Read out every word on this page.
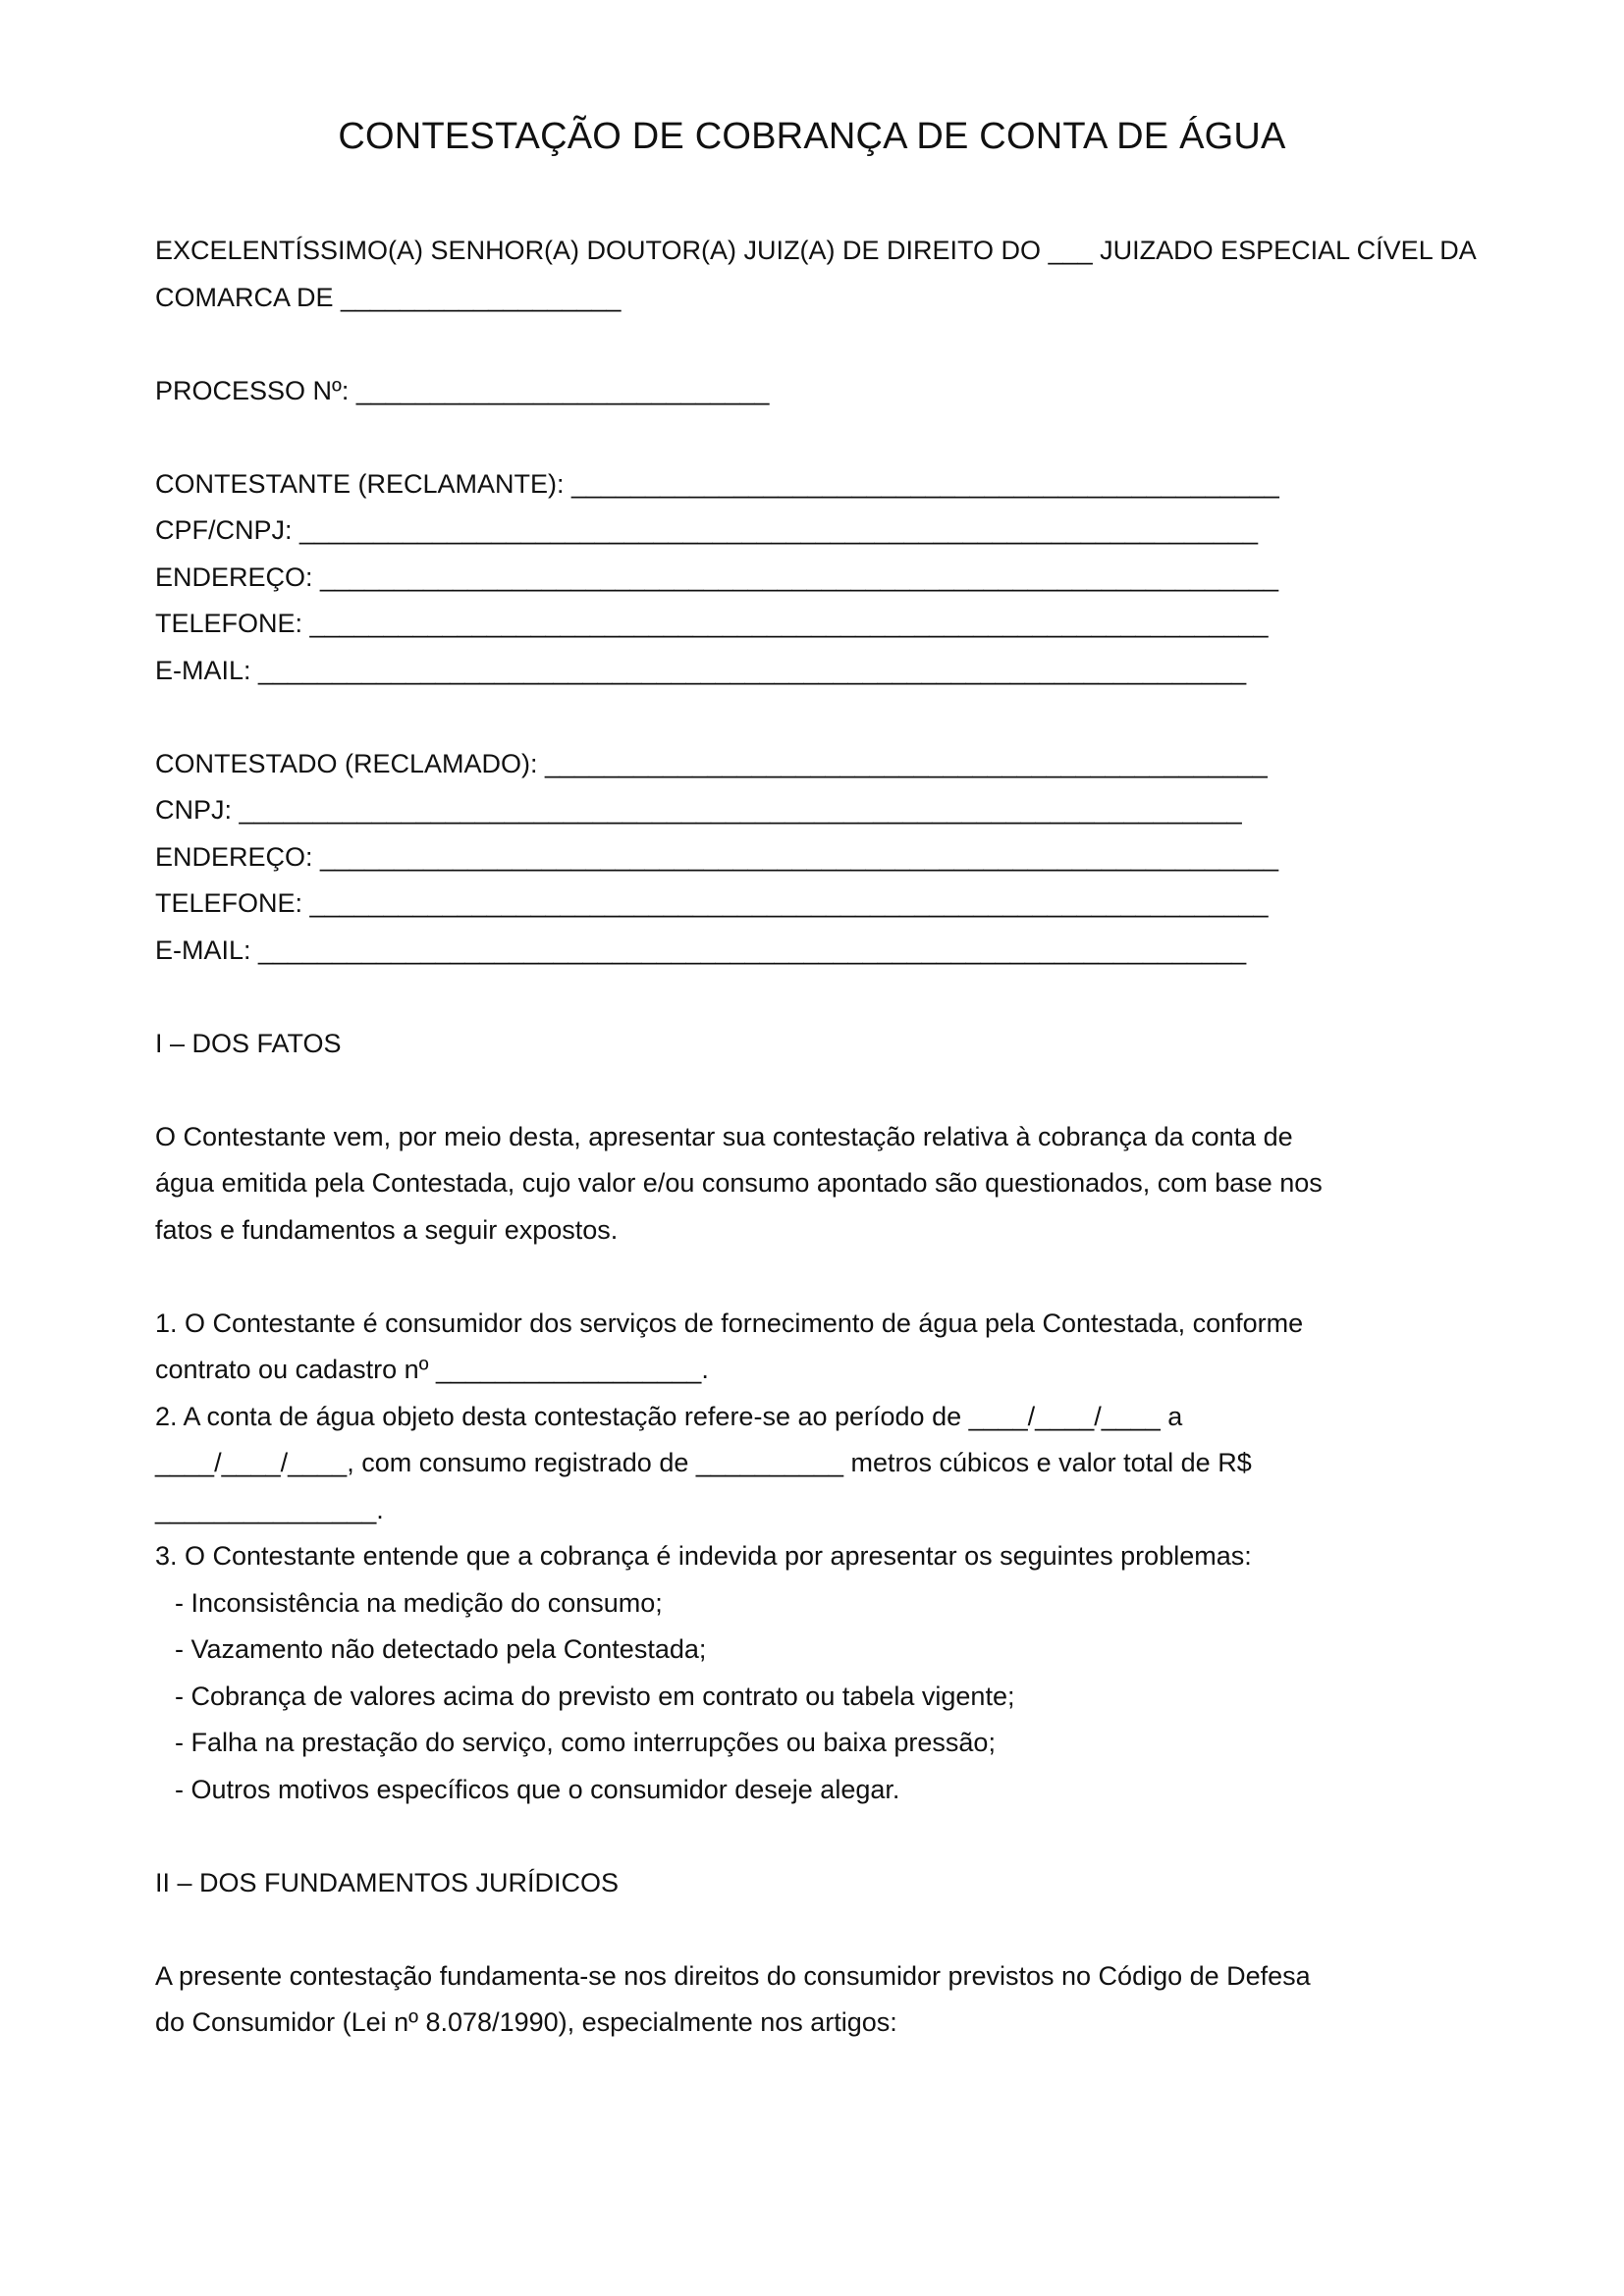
CONTESTAÇÃO DE COBRANÇA DE CONTA DE ÁGUA
EXCELENTÍSSIMO(A) SENHOR(A) DOUTOR(A) JUIZ(A) DE DIREITO DO ___ JUIZADO ESPECIAL CÍVEL DA
COMARCA DE ___________________
PROCESSO Nº: ____________________________
CONTESTANTE (RECLAMANTE): ________________________________________________
CPF/CNPJ: _________________________________________________________________
ENDEREÇO: _________________________________________________________________
TELEFONE: _________________________________________________________________
E-MAIL: ___________________________________________________________________
CONTESTADO (RECLAMADO): _________________________________________________
CNPJ: ____________________________________________________________________
ENDEREÇO: _________________________________________________________________
TELEFONE: _________________________________________________________________
E-MAIL: ___________________________________________________________________
I – DOS FATOS
O Contestante vem, por meio desta, apresentar sua contestação relativa à cobrança da conta de
água emitida pela Contestada, cujo valor e/ou consumo apontado são questionados, com base nos
fatos e fundamentos a seguir expostos.
1. O Contestante é consumidor dos serviços de fornecimento de água pela Contestada, conforme
contrato ou cadastro nº __________________.
2. A conta de água objeto desta contestação refere-se ao período de ____/____/____ a
____/____/____, com consumo registrado de __________ metros cúbicos e valor total de R$
_______________.
3. O Contestante entende que a cobrança é indevida por apresentar os seguintes problemas:
- Inconsistência na medição do consumo;
- Vazamento não detectado pela Contestada;
- Cobrança de valores acima do previsto em contrato ou tabela vigente;
- Falha na prestação do serviço, como interrupções ou baixa pressão;
- Outros motivos específicos que o consumidor deseje alegar.
II – DOS FUNDAMENTOS JURÍDICOS
A presente contestação fundamenta-se nos direitos do consumidor previstos no Código de Defesa
do Consumidor (Lei nº 8.078/1990), especialmente nos artigos:
